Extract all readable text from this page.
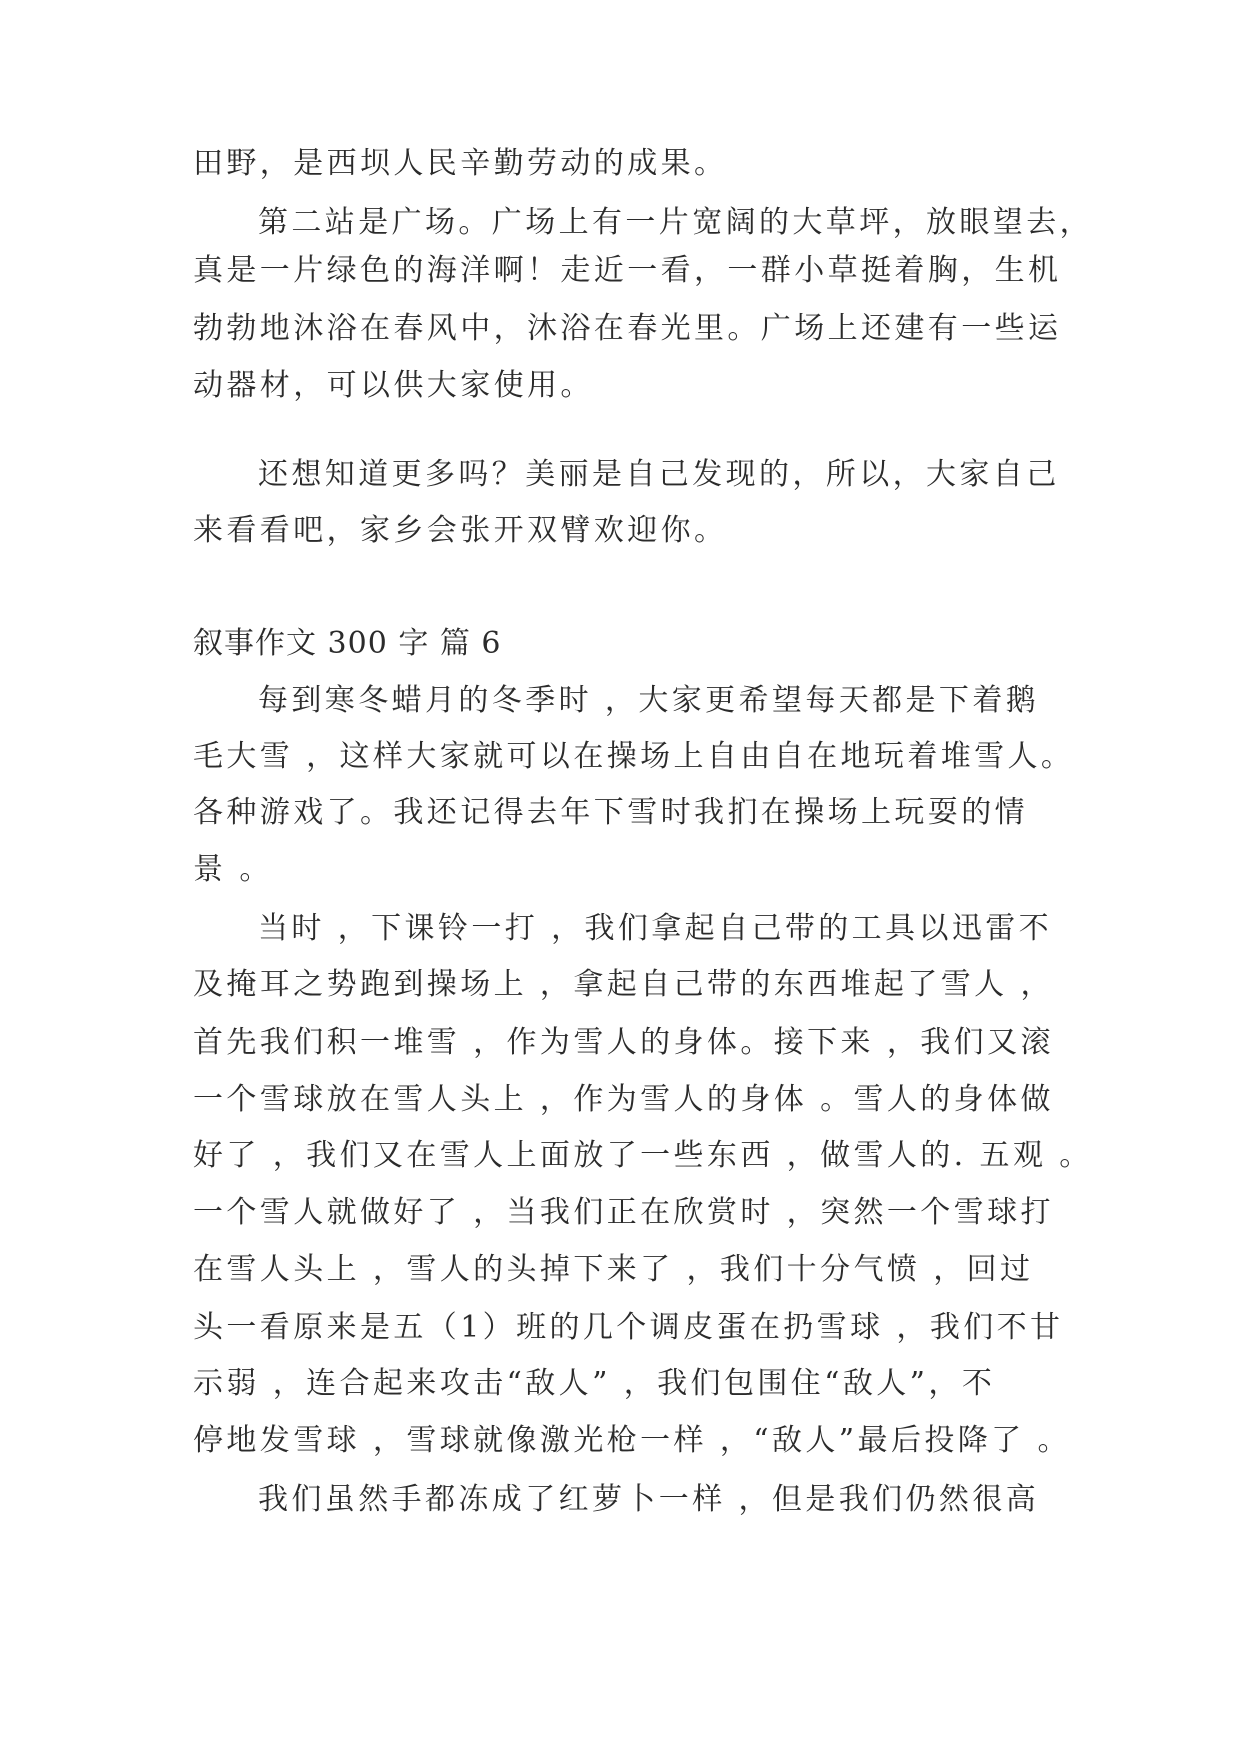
田野，是西坝人民辛勤劳动的成果。
第二站是广场。广场上有一片宽阔的大草坪，放眼望去，
真是一片绿色的海洋啊！走近一看，一群小草挺着胸，生机
勃勃地沐浴在春风中，沐浴在春光里。广场上还建有一些运
动器材，可以供大家使用。
还想知道更多吗？美丽是自己发现的，所以，大家自己
来看看吧，家乡会张开双臂欢迎你。
叙事作文 300 字 篇 6
每到寒冬蜡月的冬季时 ，大家更希望每天都是下着鹅
毛大雪 ，这样大家就可以在操场上自由自在地玩着堆雪人。
各种游戏了。我还记得去年下雪时我扪在操场上玩耍的情
景 。
当时 ，下课铃一打 ，我们拿起自己带的工具以迅雷不
及掩耳之势跑到操场上 ，拿起自己带的东西堆起了雪人 ，
首先我们积一堆雪 ，作为雪人的身体。接下来 ，我们又滚
一个雪球放在雪人头上 ，作为雪人的身体 。雪人的身体做
好了 ，我们又在雪人上面放了一些东西 ，做雪人的. 五观 。
一个雪人就做好了 ，当我们正在欣赏时 ，突然一个雪球打
在雪人头上 ，雪人的头掉下来了 ，我们十分气愤 ，回过
头一看原来是五（1）班的几个调皮蛋在扔雪球 ，我们不甘
示弱 ，连合起来攻击“敌人” ，我们包围住“敌人”，不
停地发雪球 ，雪球就像激光枪一样 ，“敌人”最后投降了 。
我们虽然手都冻成了红萝卜一样 ，但是我们仍然很高
